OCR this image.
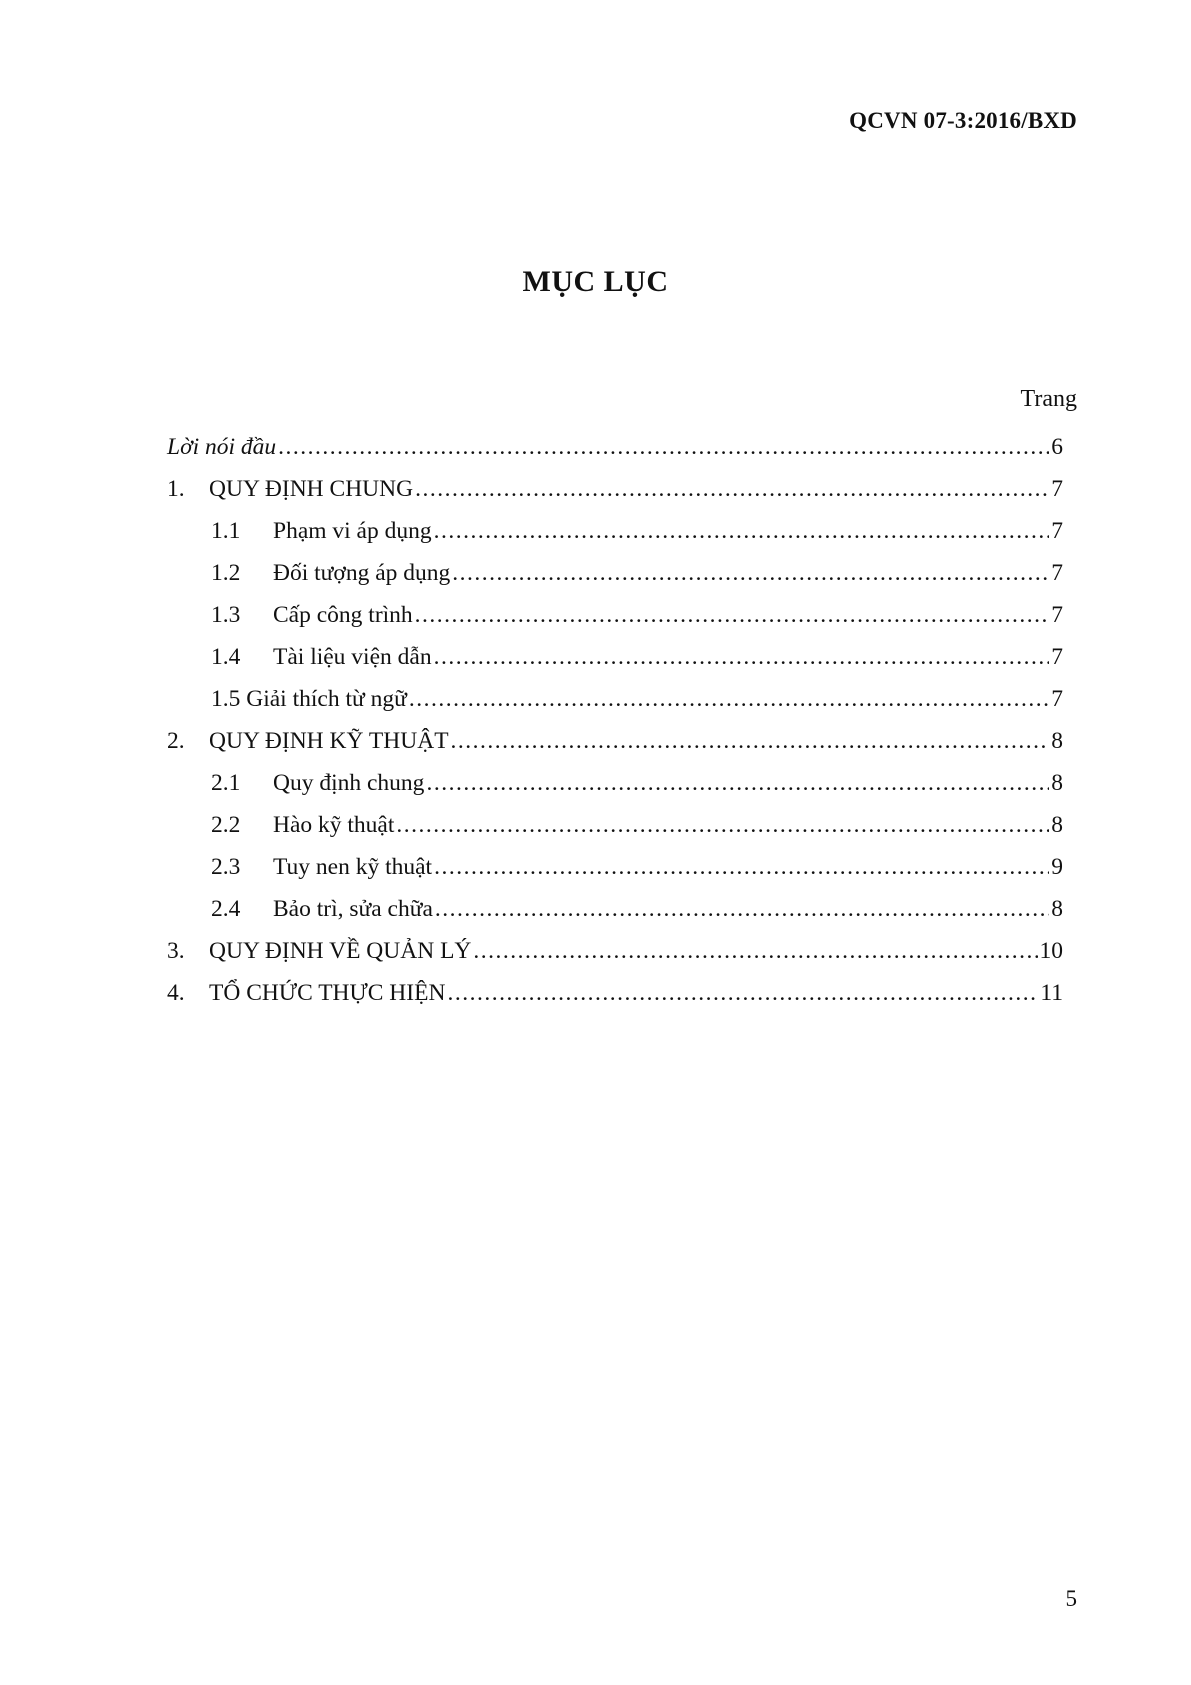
QCVN 07-3:2016/BXD
MỤC LỤC
Trang
Lời nói đầu .....	6
1.	QUY ĐỊNH CHUNG .....	7
1.1	Phạm vi áp dụng .....	7
1.2	Đối tượng áp dụng .....	7
1.3	Cấp công trình .....	7
1.4	Tài liệu viện dẫn .....	7
1.5 Giải thích từ ngữ .....	7
2.	QUY ĐỊNH KỸ THUẬT .....	8
2.1	Quy định chung .....	8
2.2	Hào kỹ thuật .....	8
2.3	Tuy nen kỹ thuật .....	9
2.4	Bảo trì, sửa chữa .....	8
3.	QUY ĐỊNH VỀ QUẢN LÝ .....	10
4.	TỔ CHỨC THỰC HIỆN .....	11
5
